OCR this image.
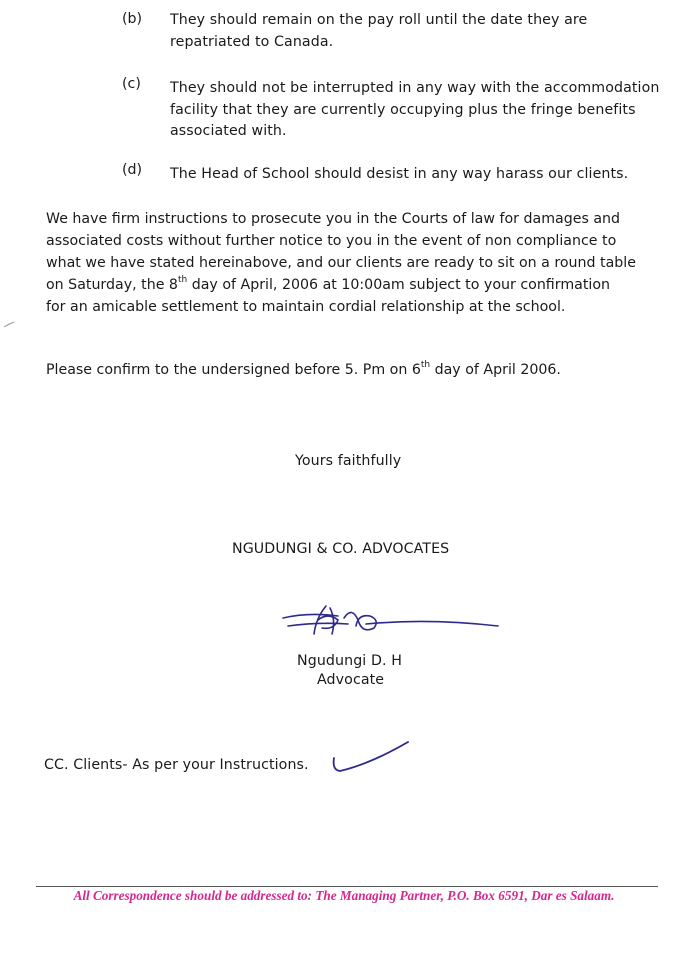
(b) They should remain on the pay roll until the date they are
repatriated to Canada.
(c) They should not be interrupted in any way with the accommodation
facility that they are currently occupying plus the fringe benefits
associated with.
(d) The Head of School should desist in any way harass our clients.
We have firm instructions to prosecute you in the Courts of law for damages and
associated costs without further notice to you in the event of non compliance to
what we have stated hereinabove, and our clients are ready to sit on a round table
on Saturday, the 8th day of April, 2006 at 10:00am subject to your confirmation
for an amicable settlement to maintain cordial relationship at the school.
Please confirm to the undersigned before 5. Pm on 6th day of April 2006.
Yours faithfully
NGUDUNGI & CO. ADVOCATES
Ngudungi D. H
Advocate
CC. Clients- As per your Instructions.
All Correspondence should be addressed to: The Managing Partner, P.O. Box 6591, Dar es Salaam.
